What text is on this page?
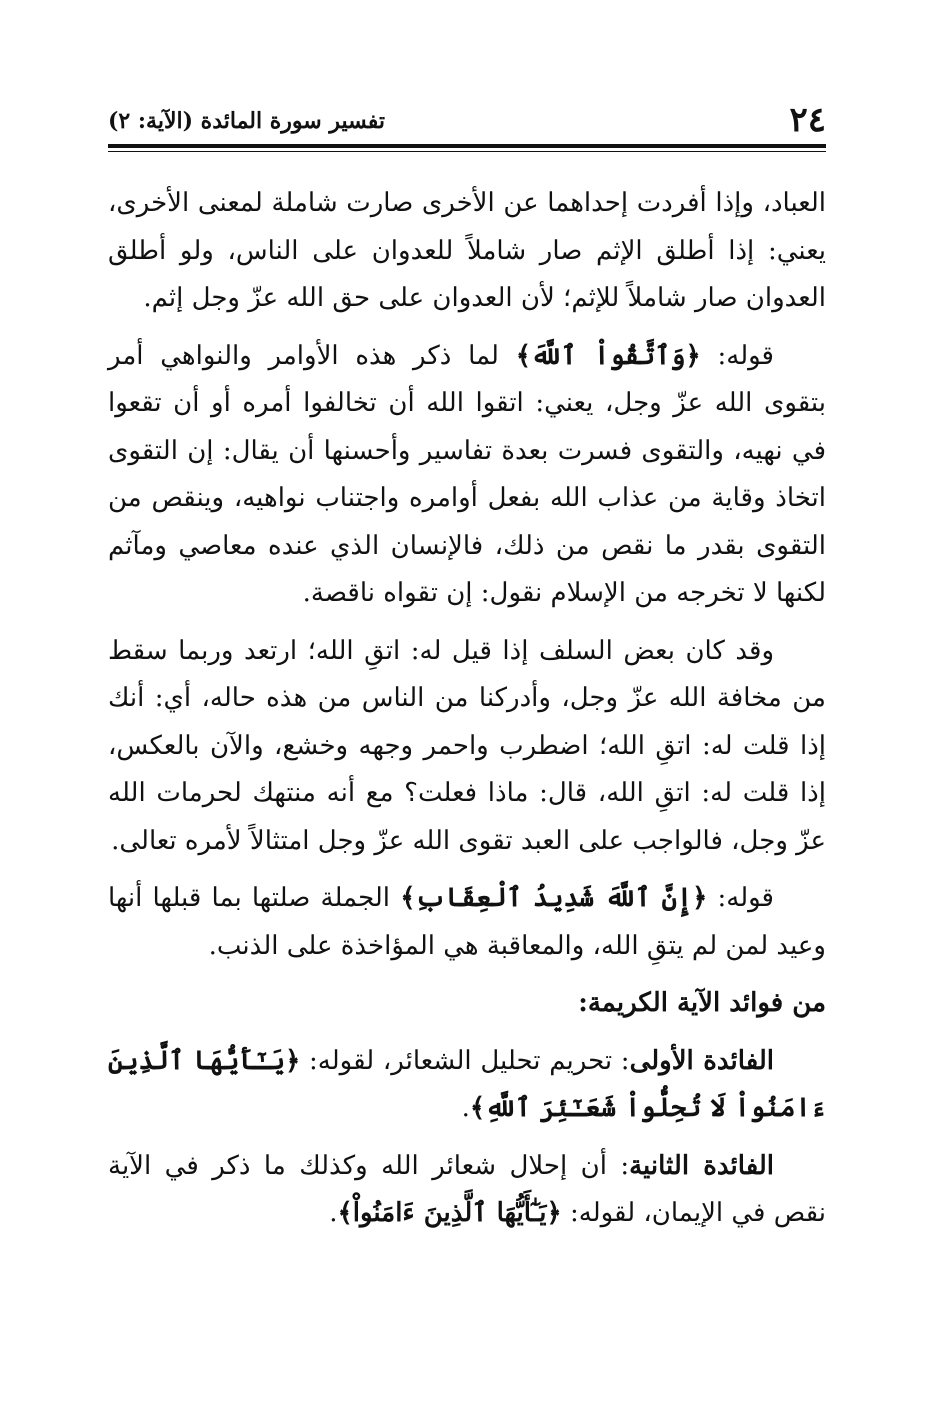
٢٤
تفسير سورة المائدة (الآية: ٢)

العباد، وإذا أفردت إحداهما عن الأخرى صارت شاملة لمعنى الأخرى، يعني: إذا أطلق الإثم صار شاملاً للعدوان على الناس، ولو أطلق العدوان صار شاملاً للإثم؛ لأن العدوان على حق الله عزّ وجل إثم.

قوله: ﴿وَٱتَّقُواْ ٱللَّهَ﴾ لما ذكر هذه الأوامر والنواهي أمر بتقوى الله عزّ وجل، يعني: اتقوا الله أن تخالفوا أمره أو أن تقعوا في نهيه، والتقوى فسرت بعدة تفاسير وأحسنها أن يقال: إن التقوى اتخاذ وقاية من عذاب الله بفعل أوامره واجتناب نواهيه، وينقص من التقوى بقدر ما نقص من ذلك، فالإنسان الذي عنده معاصي ومآثم لكنها لا تخرجه من الإسلام نقول: إن تقواه ناقصة.

وقد كان بعض السلف إذا قيل له: اتقِ الله؛ ارتعد وربما سقط من مخافة الله عزّ وجل، وأدركنا من الناس من هذه حاله، أي: أنك إذا قلت له: اتقِ الله؛ اضطرب واحمر وجهه وخشع، والآن بالعكس، إذا قلت له: اتقِ الله، قال: ماذا فعلت؟ مع أنه منتهك لحرمات الله عزّ وجل، فالواجب على العبد تقوى الله عزّ وجل امتثالاً لأمره تعالى.

قوله: ﴿إِنَّ ٱللَّهَ شَدِيدُ ٱلْعِقَابِ﴾ الجملة صلتها بما قبلها أنها وعيد لمن لم يتقِ الله، والمعاقبة هي المؤاخذة على الذنب.

من فوائد الآية الكريمة:

الفائدة الأولى: تحريم تحليل الشعائر، لقوله: ﴿يَـٰٓأَيُّهَا ٱلَّذِينَ ءَامَنُواْ لَا تُحِلُّواْ شَعَـٰٓئِرَ ٱللَّهِ﴾.

الفائدة الثانية: أن إحلال شعائر الله وكذلك ما ذكر في الآية نقص في الإيمان، لقوله: ﴿يَـٰٓأَيُّهَا ٱلَّذِينَ ءَامَنُواْ﴾.
